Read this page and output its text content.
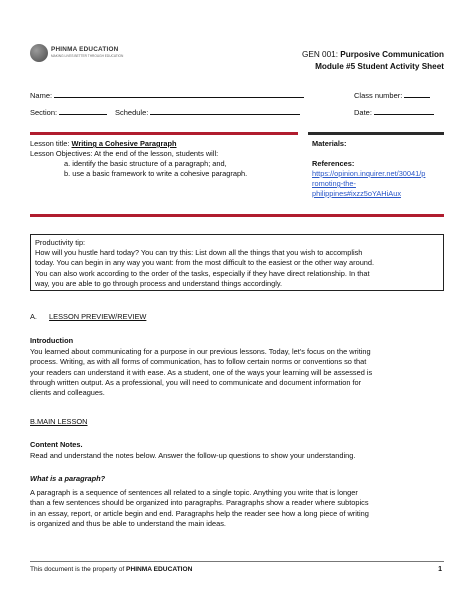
PHINMA EDUCATION
MAKING LIVES BETTER THROUGH EDUCATION	GEN 001: Purposive Communication
Module #5 Student Activity Sheet
Name:	Class number:
Section:	Schedule:	Date:
Lesson title: Writing a Cohesive Paragraph
Lesson Objectives: At the end of the lesson, students will:
a. identify the basic structure of a paragraph; and,
b. use a basic framework to write a cohesive paragraph.
Materials:
References:
https://opinion.inquirer.net/30041/p
romoting-the-
philippines#ixzz5oYAHiAux
Productivity tip:
How will you hustle hard today? You can try this: List down all the things that you wish to accomplish
today. You can begin in any way you want: from the most difficult to the easiest or the other way around.
You can also work according to the order of the tasks, especially if they have direct relationship. In that
way, you are able to go through process and understand things accordingly.
A. LESSON PREVIEW/REVIEW
Introduction
You learned about communicating for a purpose in our previous lessons. Today, let's focus on the writing
process. Writing, as with all forms of communication, has to follow certain norms or conventions so that
your readers can understand it with ease. As a student, one of the ways your learning will be assessed is
through written output. As a professional, you will need to communicate and document information for
clients and colleagues.
B.MAIN LESSON
Content Notes.
Read and understand the notes below. Answer the follow-up questions to show your understanding.
What is a paragraph?
A paragraph is a sequence of sentences all related to a single topic. Anything you write that is longer
than a few sentences should be organized into paragraphs. Paragraphs show a reader where subtopics
in an essay, report, or article begin and end. Paragraphs help the reader see how a long piece of writing
is organized and thus be able to understand the main ideas.
This document is the property of PHINMA EDUCATION	1
